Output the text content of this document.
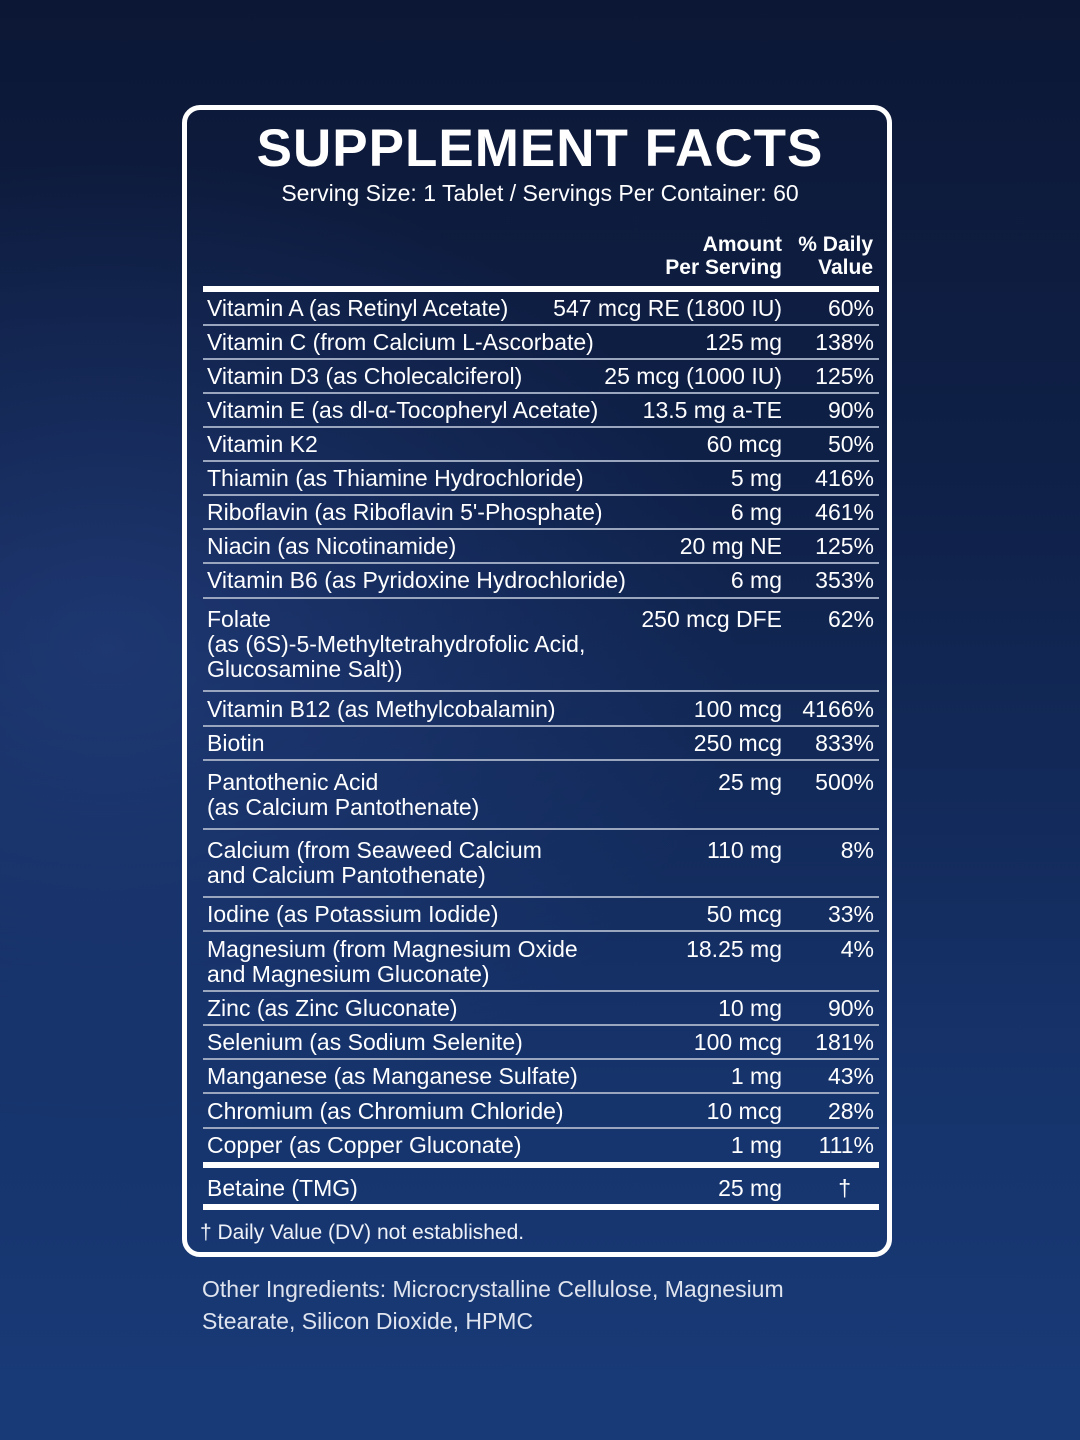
SUPPLEMENT FACTS
Serving Size: 1 Tablet / Servings Per Container: 60
Amount
Per Serving
% Daily
Value
Vitamin A (as Retinyl Acetate) 547 mcg RE (1800 IU) 60%
Vitamin C (from Calcium L-Ascorbate)	125 mg 138%
Vitamin D3 (as Cholecalciferol)	25 mcg (1000 IU) 125%
Vitamin E (as dl-α-Tocopheryl Acetate) 13.5 mg a-TE 90%
Vitamin K2	60 mcg 50%
Thiamin (as Thiamine Hydrochloride)	5 mg 416%
Riboflavin (as Riboflavin 5'-Phosphate)	6 mg 461%
Niacin (as Nicotinamide)	20 mg NE 125%
Vitamin B6 (as Pyridoxine Hydrochloride)	6 mg 353%
Folate
(as (6S)-5-Methyltetrahydrofolic Acid,
Glucosamine Salt))
250 mcg DFE 62%
Vitamin B12 (as Methylcobalamin)	100 mcg 4166%
Biotin	250 mcg 833%
Pantothenic Acid
(as Calcium Pantothenate)
25 mg 500%
Calcium (from Seaweed Calcium
and Calcium Pantothenate)
110 mg	8%
Iodine (as Potassium Iodide)	50 mcg 33%
Magnesium (from Magnesium Oxide
and Magnesium Gluconate)
18.25 mg	4%
Zinc (as Zinc Gluconate)	10 mg 90%
Selenium (as Sodium Selenite)	100 mcg 181%
Manganese (as Manganese Sulfate)	1 mg 43%
Chromium (as Chromium Chloride)	10 mcg 28%
Copper (as Copper Gluconate)	1 mg 111%
Betaine (TMG)	25 mg †
† Daily Value (DV) not established.
Other Ingredients: Microcrystalline Cellulose, Magnesium Stearate, Silicon Dioxide, HPMC
